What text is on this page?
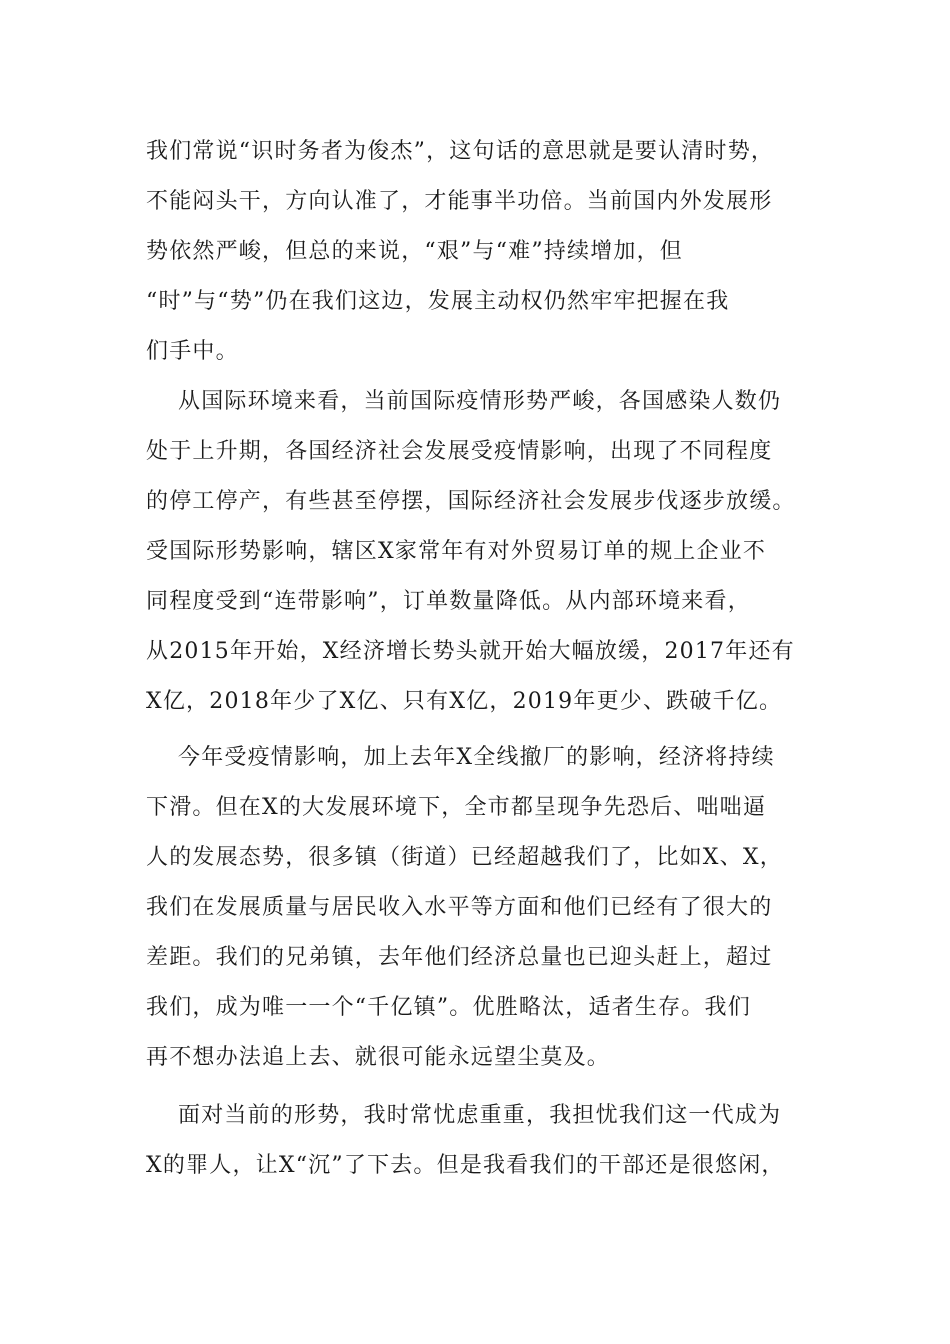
我们常说“识时务者为俊杰”，这句话的意思就是要认清时势，
不能闷头干，方向认准了，才能事半功倍。当前国内外发展形
势依然严峻，但总的来说，“艰”与“难”持续增加，但
“时”与“势”仍在我们这边，发展主动权仍然牢牢把握在我
们手中。
从国际环境来看，当前国际疫情形势严峻，各国感染人数仍
处于上升期，各国经济社会发展受疫情影响，出现了不同程度
的停工停产，有些甚至停摆，国际经济社会发展步伐逐步放缓。
受国际形势影响，辖区X家常年有对外贸易订单的规上企业不
同程度受到“连带影响”，订单数量降低。从内部环境来看，
从2015年开始，X经济增长势头就开始大幅放缓，2017年还有
X亿，2018年少了X亿、只有X亿，2019年更少、跌破千亿。
今年受疫情影响，加上去年X全线撤厂的影响，经济将持续
下滑。但在X的大发展环境下，全市都呈现争先恐后、咄咄逼
人的发展态势，很多镇（街道）已经超越我们了，比如X、X，
我们在发展质量与居民收入水平等方面和他们已经有了很大的
差距。我们的兄弟镇，去年他们经济总量也已迎头赶上，超过
我们，成为唯一一个“千亿镇”。优胜略汰，适者生存。我们
再不想办法追上去、就很可能永远望尘莫及。
面对当前的形势，我时常忧虑重重，我担忧我们这一代成为
X的罪人，让X“沉”了下去。但是我看我们的干部还是很悠闲，
